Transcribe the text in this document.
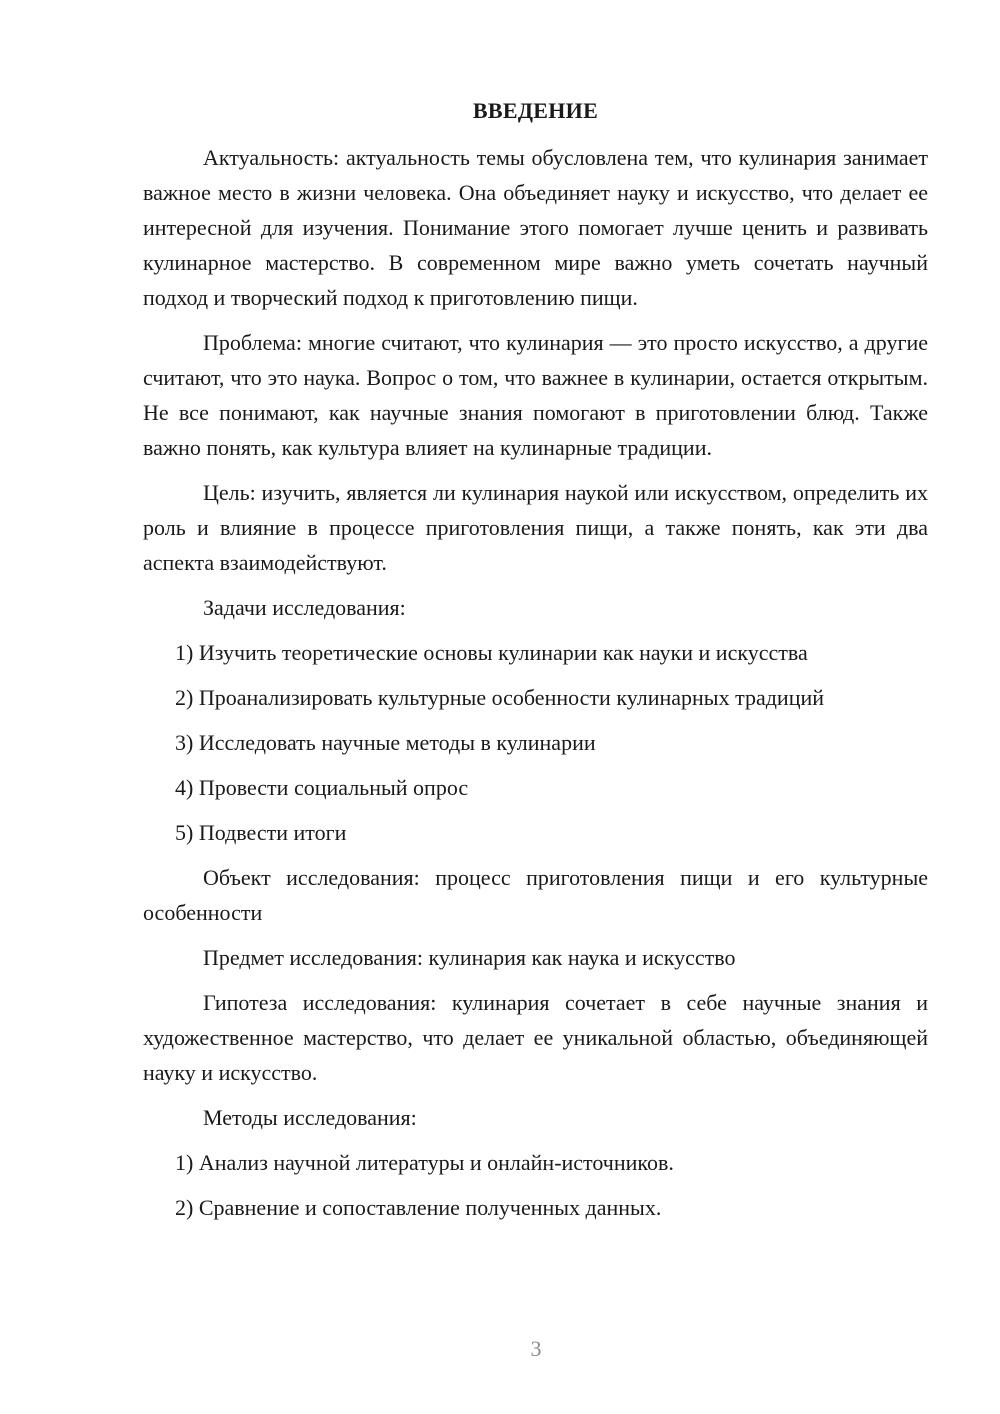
ВВЕДЕНИЕ

Актуальность: актуальность темы обусловлена тем, что кулинария занимает важное место в жизни человека. Она объединяет науку и искусство, что делает ее интересной для изучения. Понимание этого помогает лучше ценить и развивать кулинарное мастерство. В современном мире важно уметь сочетать научный подход и творческий подход к приготовлению пищи.

Проблема: многие считают, что кулинария — это просто искусство, а другие считают, что это наука. Вопрос о том, что важнее в кулинарии, остается открытым. Не все понимают, как научные знания помогают в приготовлении блюд. Также важно понять, как культура влияет на кулинарные традиции.

Цель: изучить, является ли кулинария наукой или искусством, определить их роль и влияние в процессе приготовления пищи, а также понять, как эти два аспекта взаимодействуют.

Задачи исследования:

1) Изучить теоретические основы кулинарии как науки и искусства

2) Проанализировать культурные особенности кулинарных традиций

3) Исследовать научные методы в кулинарии

4) Провести социальный опрос

5) Подвести итоги

Объект исследования: процесс приготовления пищи и его культурные особенности

Предмет исследования: кулинария как наука и искусство

Гипотеза исследования: кулинария сочетает в себе научные знания и художественное мастерство, что делает ее уникальной областью, объединяющей науку и искусство.

Методы исследования:

1) Анализ научной литературы и онлайн-источников.

2) Сравнение и сопоставление полученных данных.

3
